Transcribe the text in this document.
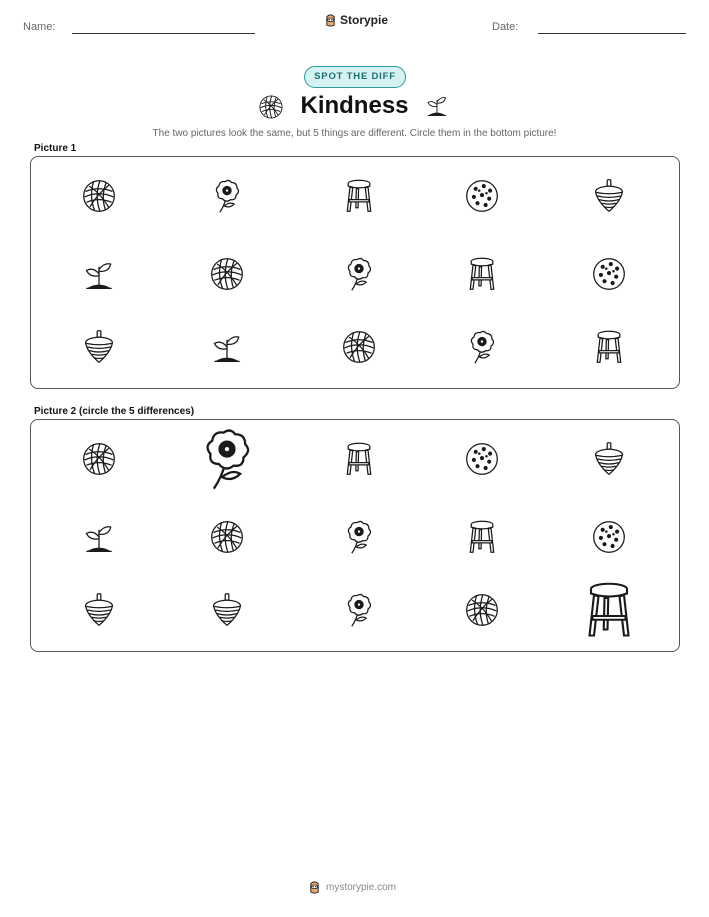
Name:	Storypie	Date:
SPOT THE DIFF
Kindness
The two pictures look the same, but 5 things are different. Circle them in the bottom picture!
Picture 1
Picture 2 (circle the 5 differences)
mystorypie.com
